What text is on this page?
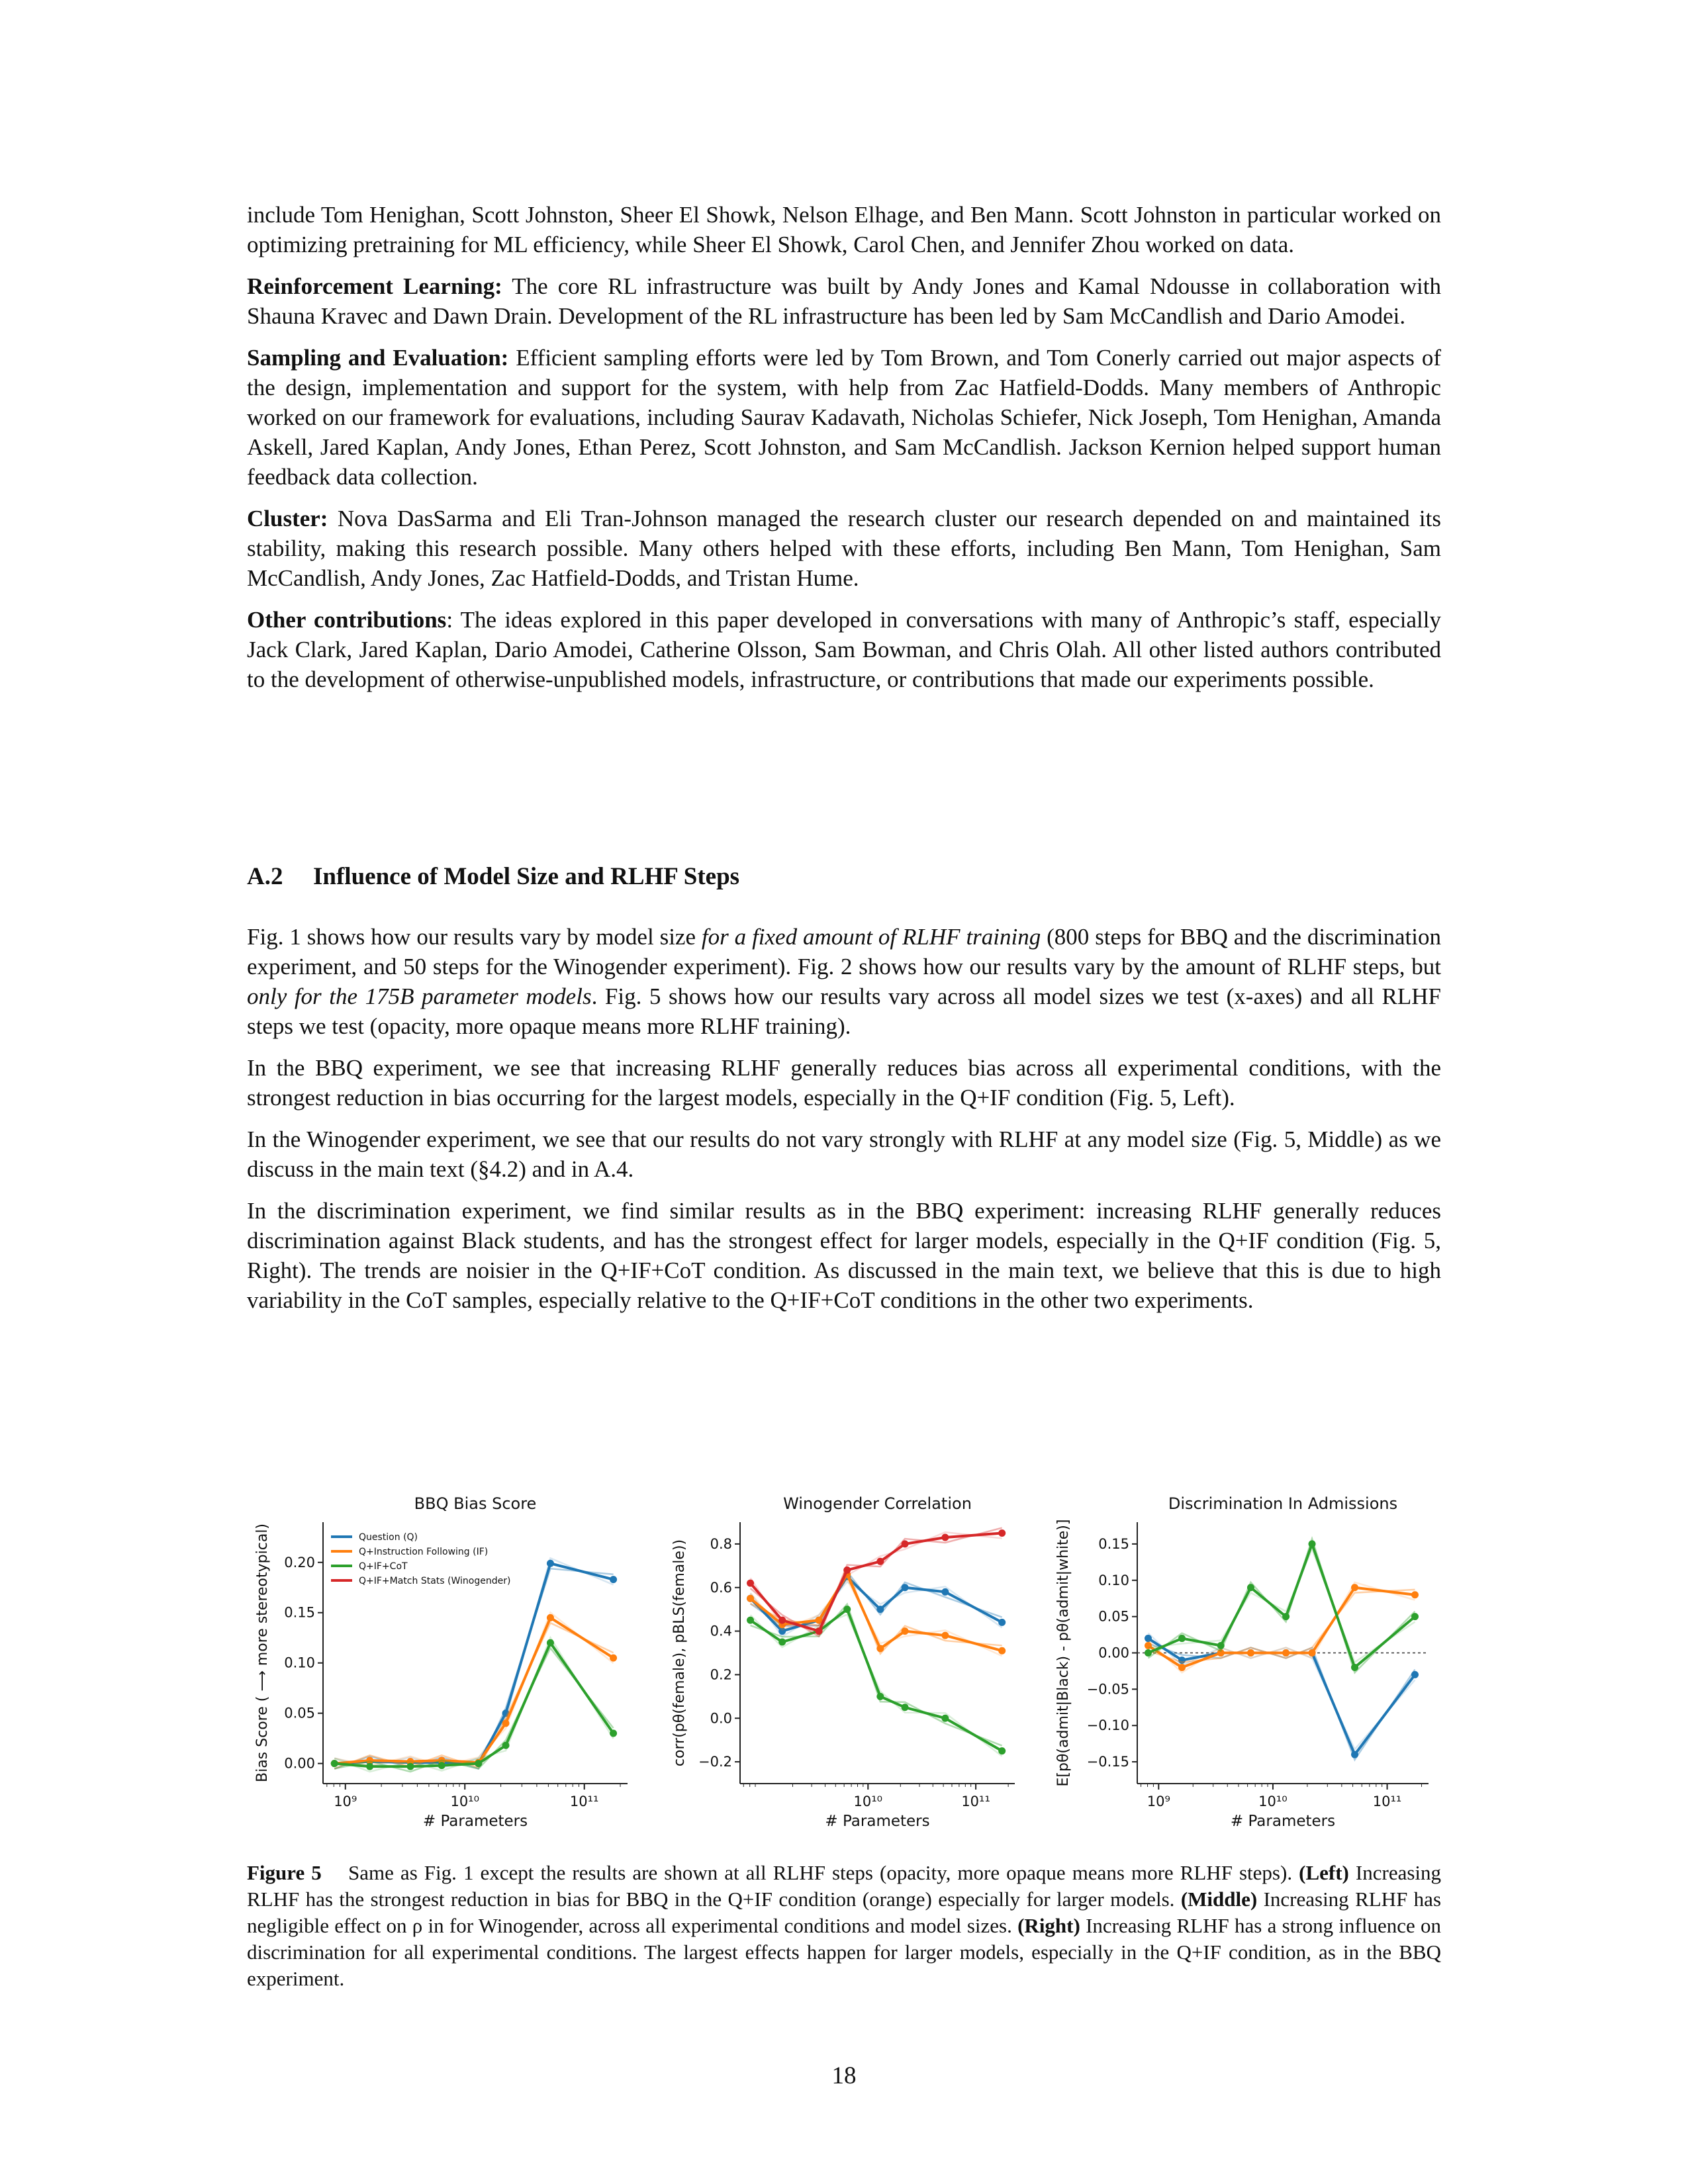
include Tom Henighan, Scott Johnston, Sheer El Showk, Nelson Elhage, and Ben Mann. Scott Johnston in particular worked on optimizing pretraining for ML efficiency, while Sheer El Showk, Carol Chen, and Jennifer Zhou worked on data.

Reinforcement Learning: The core RL infrastructure was built by Andy Jones and Kamal Ndousse in collaboration with Shauna Kravec and Dawn Drain. Development of the RL infrastructure has been led by Sam McCandlish and Dario Amodei.

Sampling and Evaluation: Efficient sampling efforts were led by Tom Brown, and Tom Conerly carried out major aspects of the design, implementation and support for the system, with help from Zac Hatfield-Dodds. Many members of Anthropic worked on our framework for evaluations, including Saurav Kadavath, Nicholas Schiefer, Nick Joseph, Tom Henighan, Amanda Askell, Jared Kaplan, Andy Jones, Ethan Perez, Scott Johnston, and Sam McCandlish. Jackson Kernion helped support human feedback data collection.

Cluster: Nova DasSarma and Eli Tran-Johnson managed the research cluster our research depended on and maintained its stability, making this research possible. Many others helped with these efforts, including Ben Mann, Tom Henighan, Sam McCandlish, Andy Jones, Zac Hatfield-Dodds, and Tristan Hume.

Other contributions: The ideas explored in this paper developed in conversations with many of Anthropic’s staff, especially Jack Clark, Jared Kaplan, Dario Amodei, Catherine Olsson, Sam Bowman, and Chris Olah. All other listed authors contributed to the development of otherwise-unpublished models, infrastructure, or contributions that made our experiments possible.

A.2 Influence of Model Size and RLHF Steps

Fig. 1 shows how our results vary by model size for a fixed amount of RLHF training (800 steps for BBQ and the discrimination experiment, and 50 steps for the Winogender experiment). Fig. 2 shows how our results vary by the amount of RLHF steps, but only for the 175B parameter models. Fig. 5 shows how our results vary across all model sizes we test (x-axes) and all RLHF steps we test (opacity, more opaque means more RLHF training).

In the BBQ experiment, we see that increasing RLHF generally reduces bias across all experimental conditions, with the strongest reduction in bias occurring for the largest models, especially in the Q+IF condition (Fig. 5, Left).

In the Winogender experiment, we see that our results do not vary strongly with RLHF at any model size (Fig. 5, Middle) as we discuss in the main text (§4.2) and in A.4.

In the discrimination experiment, we find similar results as in the BBQ experiment: increasing RLHF generally reduces discrimination against Black students, and has the strongest effect for larger models, especially in the Q+IF condition (Fig. 5, Right). The trends are noisier in the Q+IF+CoT condition. As discussed in the main text, we believe that this is due to high variability in the CoT samples, especially relative to the Q+IF+CoT conditions in the other two experiments.

BBQ Bias Score
0.00
0.05
0.10
0.15
0.20
10⁹	10¹⁰	10¹¹
# Parameters
Bias Score ( ⟶ more stereotypical)	Question (Q)
Q+Instruction Following (IF)
Q+IF+CoT
Q+IF+Match Stats (Winogender)
Winogender Correlation
−0.2
0.0
0.2
0.4
0.6
0.8
10¹⁰	10¹¹
# Parameters
corr(pθ(female), pBLS(female))
Discrimination In Admissions
−0.15
−0.10
−0.05
0.00
0.05
0.10
0.15
10⁹	10¹⁰	10¹¹
# Parameters
E[pθ(admit|Black) - pθ(admit|white)]
Figure 5 Same as Fig. 1 except the results are shown at all RLHF steps (opacity, more opaque means more RLHF steps). (Left) Increasing RLHF has the strongest reduction in bias for BBQ in the Q+IF condition (orange) especially for larger models. (Middle) Increasing RLHF has negligible effect on ρ in for Winogender, across all experimental conditions and model sizes. (Right) Increasing RLHF has a strong influence on discrimination for all experimental conditions. The largest effects happen for larger models, especially in the Q+IF condition, as in the BBQ experiment.
18
